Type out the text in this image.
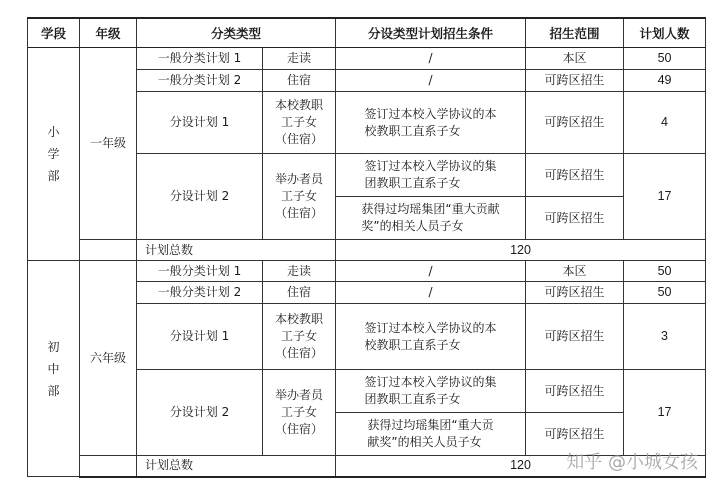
学段	年级	分类类型		分设类型计划招生条件	招生范围	计划人数
小
学
部	一年级	一般分类计划 1	走读	/	本区	50
		一般分类计划 2	住宿	/	可跨区招生	49
		分设计划 1	本校教职
工子女
（住宿）	签订过本校入学协议的本
校教职工直系子女	可跨区招生	4
		分设计划 2	举办者员
工子女
（住宿）	签订过本校入学协议的集
团教职工直系子女	可跨区招生	17
				获得过均瑶集团“重大贡献
奖”的相关人员子女	可跨区招生	

		计划总数		120		
初
中
部	六年级	一般分类计划 1	走读	/	本区	50
		一般分类计划 2	住宿	/	可跨区招生	50
		分设计划 1	本校教职
工子女
（住宿）	签订过本校入学协议的本
校教职工直系子女	可跨区招生	3
		分设计划 2	举办者员
工子女
（住宿）	签订过本校入学协议的集
团教职工直系子女	可跨区招生	17
				获得过均瑶集团“重大贡
献奖”的相关人员子女	可跨区招生	

		计划总数		120		知乎 @小城女孩
